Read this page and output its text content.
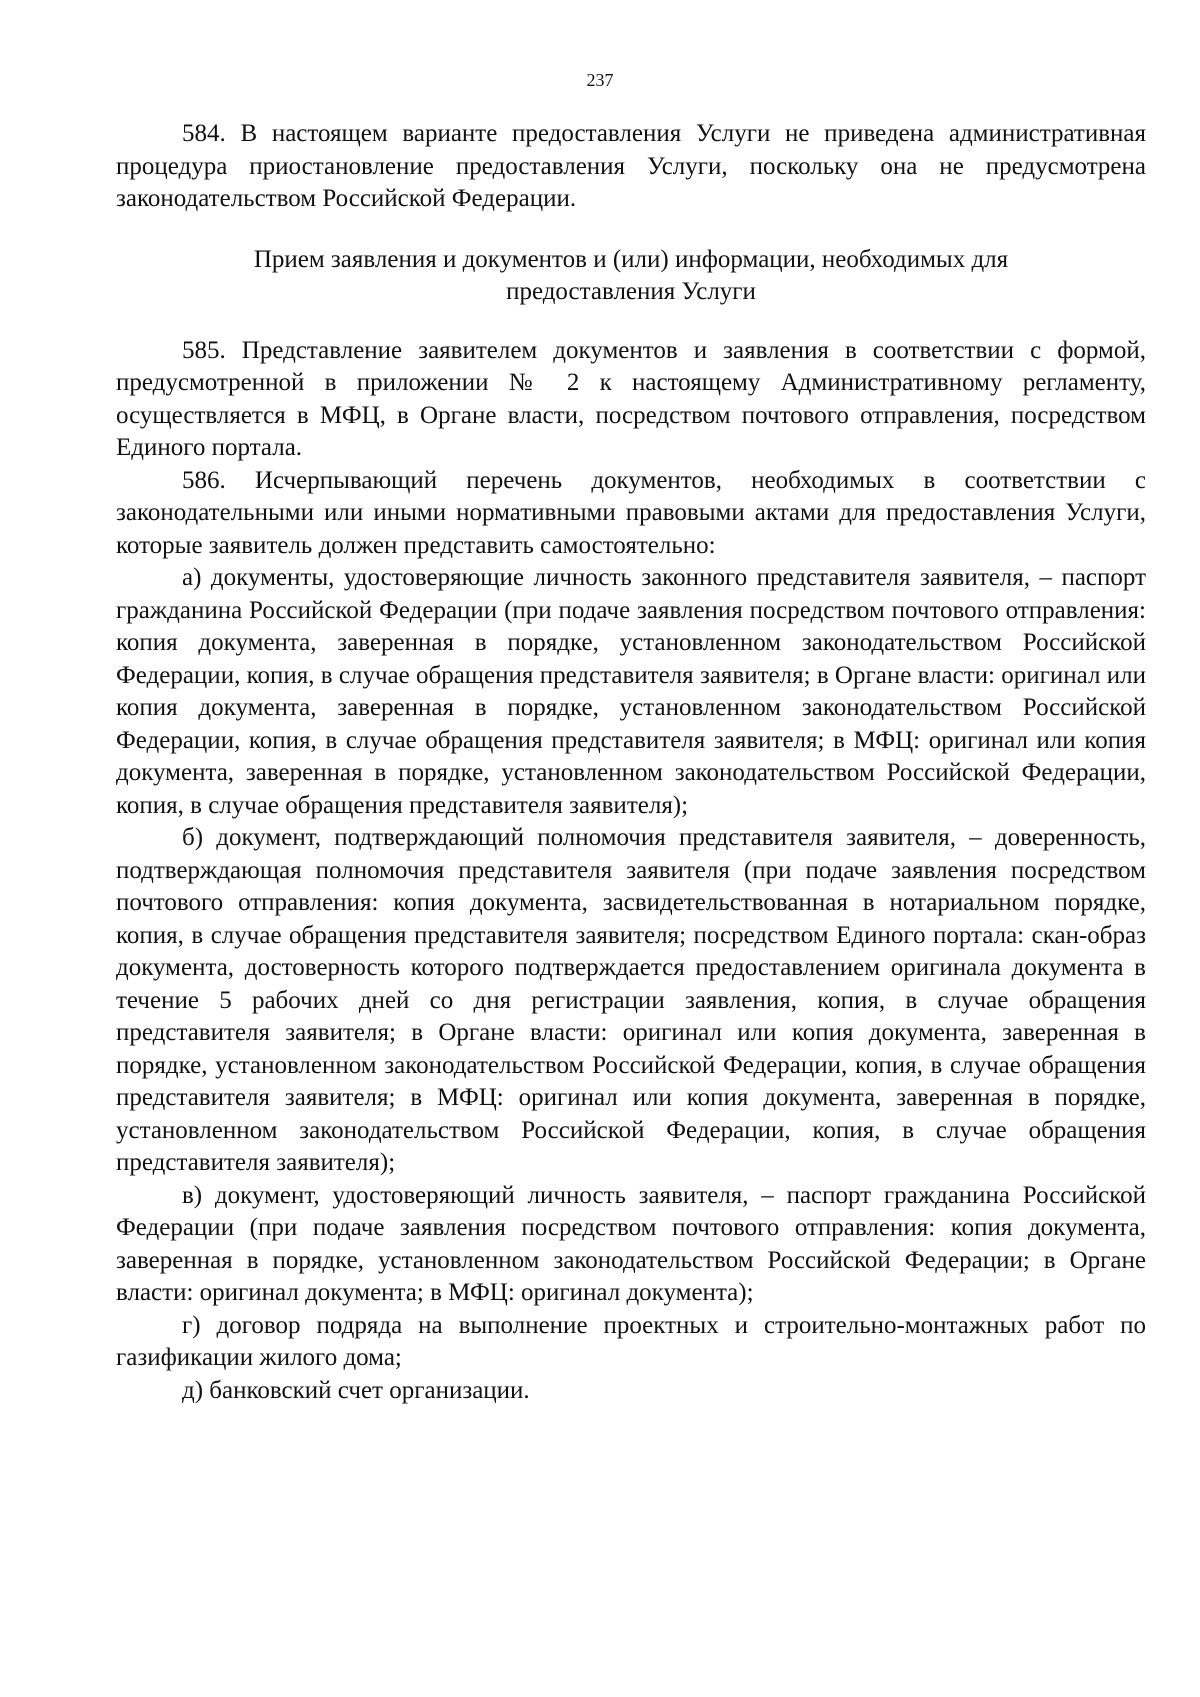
237

584. В настоящем варианте предоставления Услуги не приведена административная процедура приостановление предоставления Услуги, поскольку она не предусмотрена законодательством Российской Федерации.

Прием заявления и документов и (или) информации, необходимых для предоставления Услуги

585. Представление заявителем документов и заявления в соответствии с формой, предусмотренной в приложении № 2 к настоящему Административному регламенту, осуществляется в МФЦ, в Органе власти, посредством почтового отправления, посредством Единого портала.

586. Исчерпывающий перечень документов, необходимых в соответствии с законодательными или иными нормативными правовыми актами для предоставления Услуги, которые заявитель должен представить самостоятельно:

а) документы, удостоверяющие личность законного представителя заявителя, – паспорт гражданина Российской Федерации (при подаче заявления посредством почтового отправления: копия документа, заверенная в порядке, установленном законодательством Российской Федерации, копия, в случае обращения представителя заявителя; в Органе власти: оригинал или копия документа, заверенная в порядке, установленном законодательством Российской Федерации, копия, в случае обращения представителя заявителя; в МФЦ: оригинал или копия документа, заверенная в порядке, установленном законодательством Российской Федерации, копия, в случае обращения представителя заявителя);

б) документ, подтверждающий полномочия представителя заявителя, – доверенность, подтверждающая полномочия представителя заявителя (при подаче заявления посредством почтового отправления: копия документа, засвидетельствованная в нотариальном порядке, копия, в случае обращения представителя заявителя; посредством Единого портала: скан-образ документа, достоверность которого подтверждается предоставлением оригинала документа в течение 5 рабочих дней со дня регистрации заявления, копия, в случае обращения представителя заявителя; в Органе власти: оригинал или копия документа, заверенная в порядке, установленном законодательством Российской Федерации, копия, в случае обращения представителя заявителя; в МФЦ: оригинал или копия документа, заверенная в порядке, установленном законодательством Российской Федерации, копия, в случае обращения представителя заявителя);

в) документ, удостоверяющий личность заявителя, – паспорт гражданина Российской Федерации (при подаче заявления посредством почтового отправления: копия документа, заверенная в порядке, установленном законодательством Российской Федерации; в Органе власти: оригинал документа; в МФЦ: оригинал документа);

г) договор подряда на выполнение проектных и строительно-монтажных работ по газификации жилого дома;

д) банковский счет организации.
